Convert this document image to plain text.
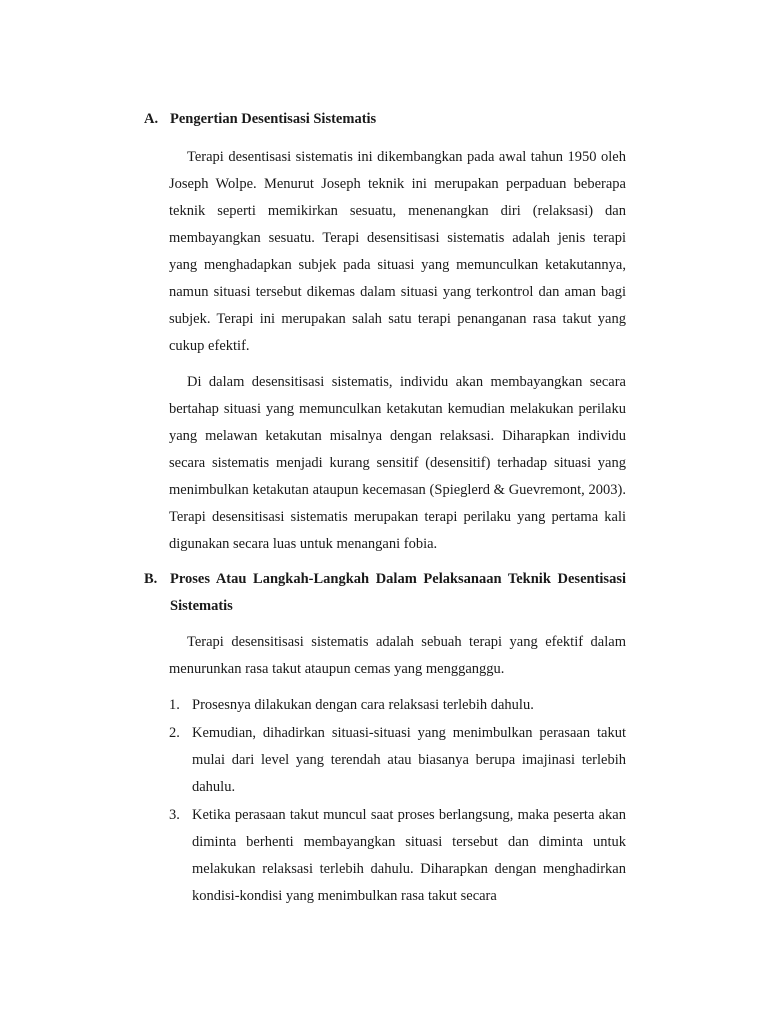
A. Pengertian Desentisasi Sistematis

Terapi desentisasi sistematis ini dikembangkan pada awal tahun 1950 oleh Joseph Wolpe. Menurut Joseph teknik ini merupakan perpaduan beberapa teknik seperti memikirkan sesuatu, menenangkan diri (relaksasi) dan membayangkan sesuatu. Terapi desensitisasi sistematis adalah jenis terapi yang menghadapkan subjek pada situasi yang memunculkan ketakutannya, namun situasi tersebut dikemas dalam situasi yang terkontrol dan aman bagi subjek. Terapi ini merupakan salah satu terapi penanganan rasa takut yang cukup efektif.

Di dalam desensitisasi sistematis, individu akan membayangkan secara bertahap situasi yang memunculkan ketakutan kemudian melakukan perilaku yang melawan ketakutan misalnya dengan relaksasi. Diharapkan individu secara sistematis menjadi kurang sensitif (desensitif) terhadap situasi yang menimbulkan ketakutan ataupun kecemasan (Spieglerd & Guevremont, 2003). Terapi desensitisasi sistematis merupakan terapi perilaku yang pertama kali digunakan secara luas untuk menangani fobia.

B. Proses Atau Langkah-Langkah Dalam Pelaksanaan Teknik Desentisasi Sistematis

Terapi desensitisasi sistematis adalah sebuah terapi yang efektif dalam menurunkan rasa takut ataupun cemas yang mengganggu.

1. Prosesnya dilakukan dengan cara relaksasi terlebih dahulu.
2. Kemudian, dihadirkan situasi-situasi yang menimbulkan perasaan takut mulai dari level yang terendah atau biasanya berupa imajinasi terlebih dahulu.
3. Ketika perasaan takut muncul saat proses berlangsung, maka peserta akan diminta berhenti membayangkan situasi tersebut dan diminta untuk melakukan relaksasi terlebih dahulu. Diharapkan dengan menghadirkan kondisi-kondisi yang menimbulkan rasa takut secara
